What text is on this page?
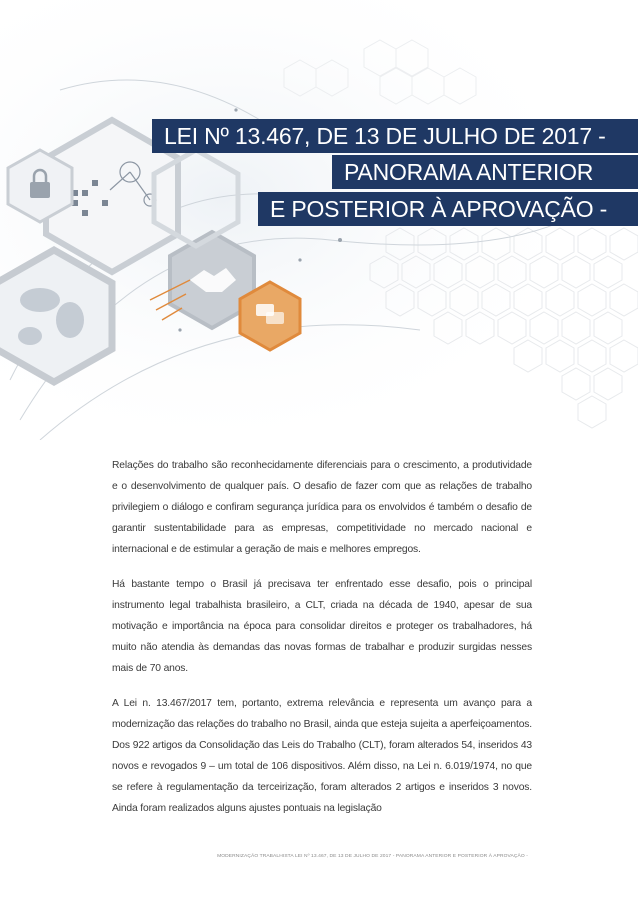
LEI Nº 13.467, DE 13 DE JULHO DE 2017 -
PANORAMA ANTERIOR
E POSTERIOR À APROVAÇÃO -

Relações do trabalho são reconhecidamente diferenciais para o crescimento, a produtividade e o desenvolvimento de qualquer país. O desafio de fazer com que as relações de trabalho privilegiem o diálogo e confiram segurança jurídica para os envolvidos é também o desafio de garantir sustentabilidade para as empresas, competitividade no mercado nacional e internacional e de estimular a geração de mais e melhores empregos.

Há bastante tempo o Brasil já precisava ter enfrentado esse desafio, pois o principal instrumento legal trabalhista brasileiro, a CLT, criada na década de 1940, apesar de sua motivação e importância na época para consolidar direitos e proteger os trabalhadores, há muito não atendia às demandas das novas formas de trabalhar e produzir surgidas nesses mais de 70 anos.

A Lei n. 13.467/2017 tem, portanto, extrema relevância e representa um avanço para a modernização das relações do trabalho no Brasil, ainda que esteja sujeita a aperfeiçoamentos. Dos 922 artigos da Consolidação das Leis do Trabalho (CLT), foram alterados 54, inseridos 43 novos e revogados 9 – um total de 106 dispositivos. Além disso, na Lei n. 6.019/1974, no que se refere à regulamentação da terceirização, foram alterados 2 artigos e inseridos 3 novos. Ainda foram realizados alguns ajustes pontuais na legislação

MODERNIZAÇÃO TRABALHISTA LEI Nº 13.467, DE 13 DE JULHO DE 2017 - PANORAMA ANTERIOR E POSTERIOR À APROVAÇÃO -
